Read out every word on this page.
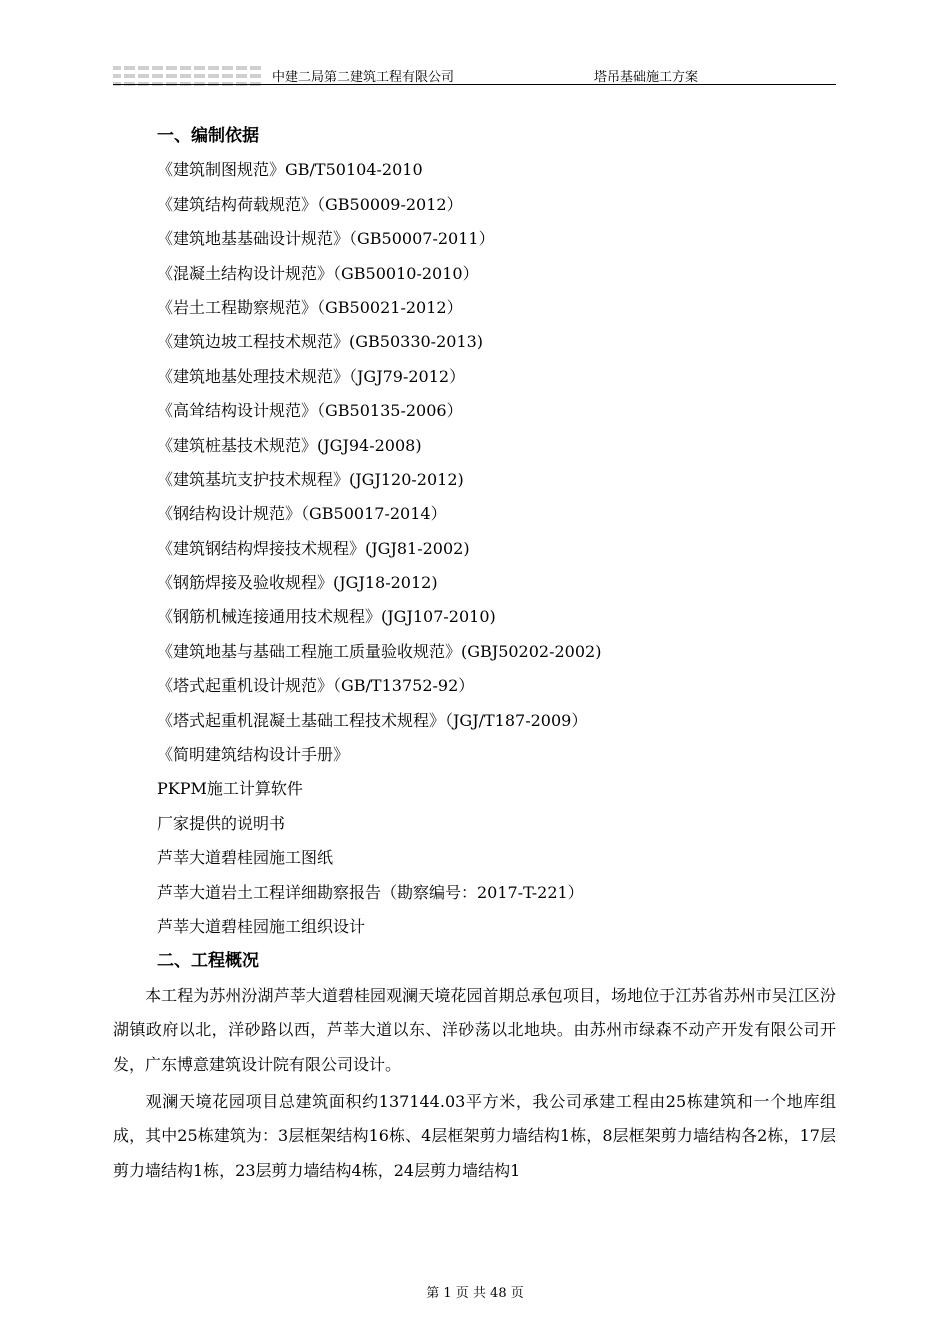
中建二局第二建筑工程有限公司	塔吊基础施工方案
一、编制依据
《建筑制图规范》GB/T50104-2010
《建筑结构荷载规范》（GB50009-2012）
《建筑地基基础设计规范》（GB50007-2011）
《混凝土结构设计规范》（GB50010-2010）
《岩土工程勘察规范》（GB50021-2012）
《建筑边坡工程技术规范》(GB50330-2013)
《建筑地基处理技术规范》（JGJ79-2012）
《高耸结构设计规范》（GB50135-2006）
《建筑桩基技术规范》(JGJ94-2008)
《建筑基坑支护技术规程》(JGJ120-2012)
《钢结构设计规范》（GB50017-2014）
《建筑钢结构焊接技术规程》(JGJ81-2002)
《钢筋焊接及验收规程》(JGJ18-2012)
《钢筋机械连接通用技术规程》(JGJ107-2010)
《建筑地基与基础工程施工质量验收规范》(GBJ50202-2002)
《塔式起重机设计规范》（GB/T13752-92）
《塔式起重机混凝土基础工程技术规程》（JGJ/T187-2009）
《简明建筑结构设计手册》
PKPM施工计算软件
厂家提供的说明书
芦莘大道碧桂园施工图纸
芦莘大道岩土工程详细勘察报告（勘察编号：2017-T-221）
芦莘大道碧桂园施工组织设计
二、工程概况
本工程为苏州汾湖芦莘大道碧桂园观澜天境花园首期总承包项目，场地位于江苏省苏州市吴江区汾湖镇政府以北，洋砂路以西，芦莘大道以东、洋砂荡以北地块。由苏州市绿森不动产开发有限公司开发，广东博意建筑设计院有限公司设计。
观澜天境花园项目总建筑面积约137144.03平方米，我公司承建工程由25栋建筑和一个地库组成，其中25栋建筑为：3层框架结构16栋、4层框架剪力墙结构1栋，8层框架剪力墙结构各2栋，17层剪力墙结构1栋，23层剪力墙结构4栋，24层剪力墙结构1
第 1 页 共 48 页
